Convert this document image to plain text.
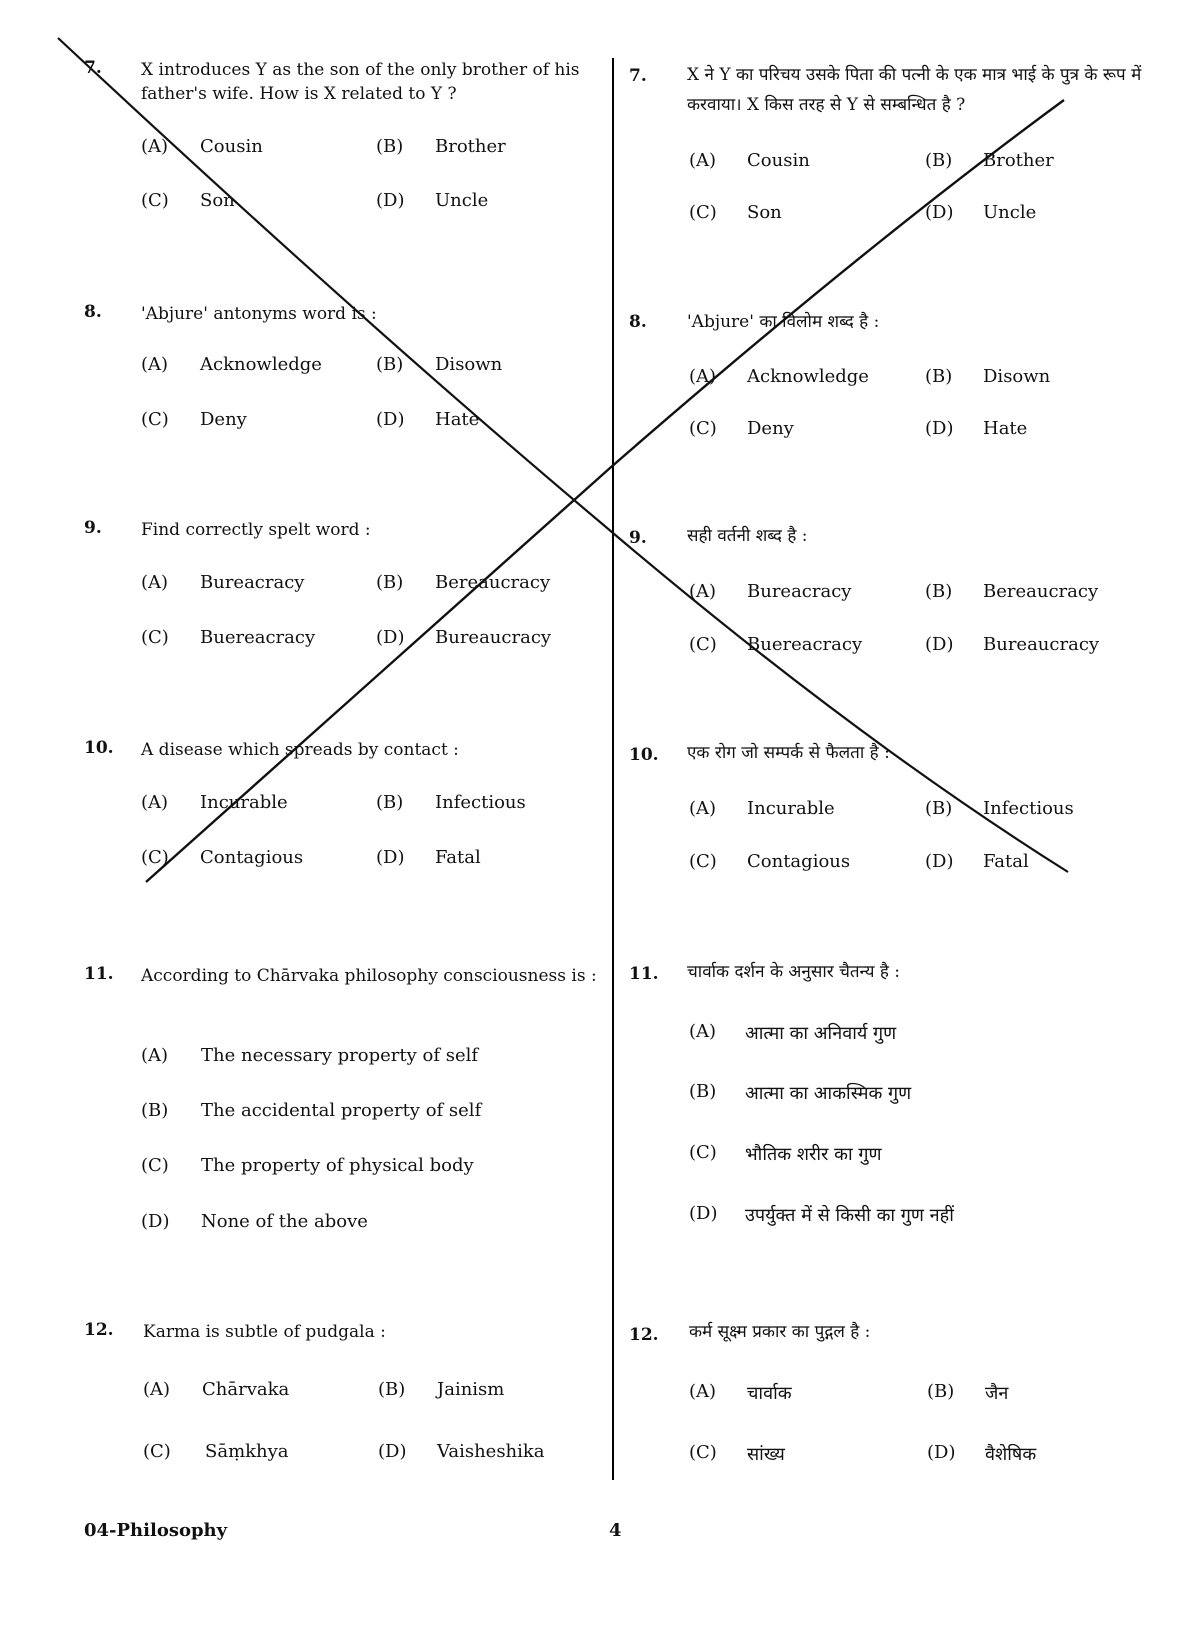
7. X introduces Y as the son of the only brother of his father's wife. How is X related to Y ?
(A) Cousin	(B) Brother
(C) Son	(D) Uncle
8. 'Abjure' antonyms word is :
(A) Acknowledge	(B) Disown
(C) Deny	(D) Hate
9. Find correctly spelt word :
(A) Bureacracy	(B) Bereaucracy
(C) Buereacracy	(D) Bureaucracy
10. A disease which spreads by contact :
(A) Incurable	(B) Infectious
(C) Contagious	(D) Fatal
11. According to Chārvaka philosophy consciousness is :
(A) The necessary property of self
(B) The accidental property of self
(C) The property of physical body
(D) None of the above
12. Karma is subtle of pudgala :
(A) Chārvaka	(B) Jainism
(C) Sāṃkhya	(D) Vaisheshika
7. X ने Y का परिचय उसके पिता की पत्नी के एक मात्र भाई के पुत्र के रूप में करवाया। X किस तरह से Y से सम्बन्धित है ?
(A) Cousin	(B) Brother
(C) Son	(D) Uncle
8. 'Abjure' का विलोम शब्द है :
(A) Acknowledge	(B) Disown
(C) Deny	(D) Hate
9. सही वर्तनी शब्द है :
(A) Bureacracy	(B) Bereaucracy
(C) Buereacracy	(D) Bureaucracy
10. एक रोग जो सम्पर्क से फैलता है :
(A) Incurable	(B) Infectious
(C) Contagious	(D) Fatal
11. चार्वाक दर्शन के अनुसार चैतन्य है :
(A) आत्मा का अनिवार्य गुण
(B) आत्मा का आकस्मिक गुण
(C) भौतिक शरीर का गुण
(D) उपर्युक्त में से किसी का गुण नहीं
12. कर्म सूक्ष्म प्रकार का पुद्गल है :
(A) चार्वाक	(B) जैन
(C) सांख्य	(D) वैशेषिक
04-Philosophy	4
